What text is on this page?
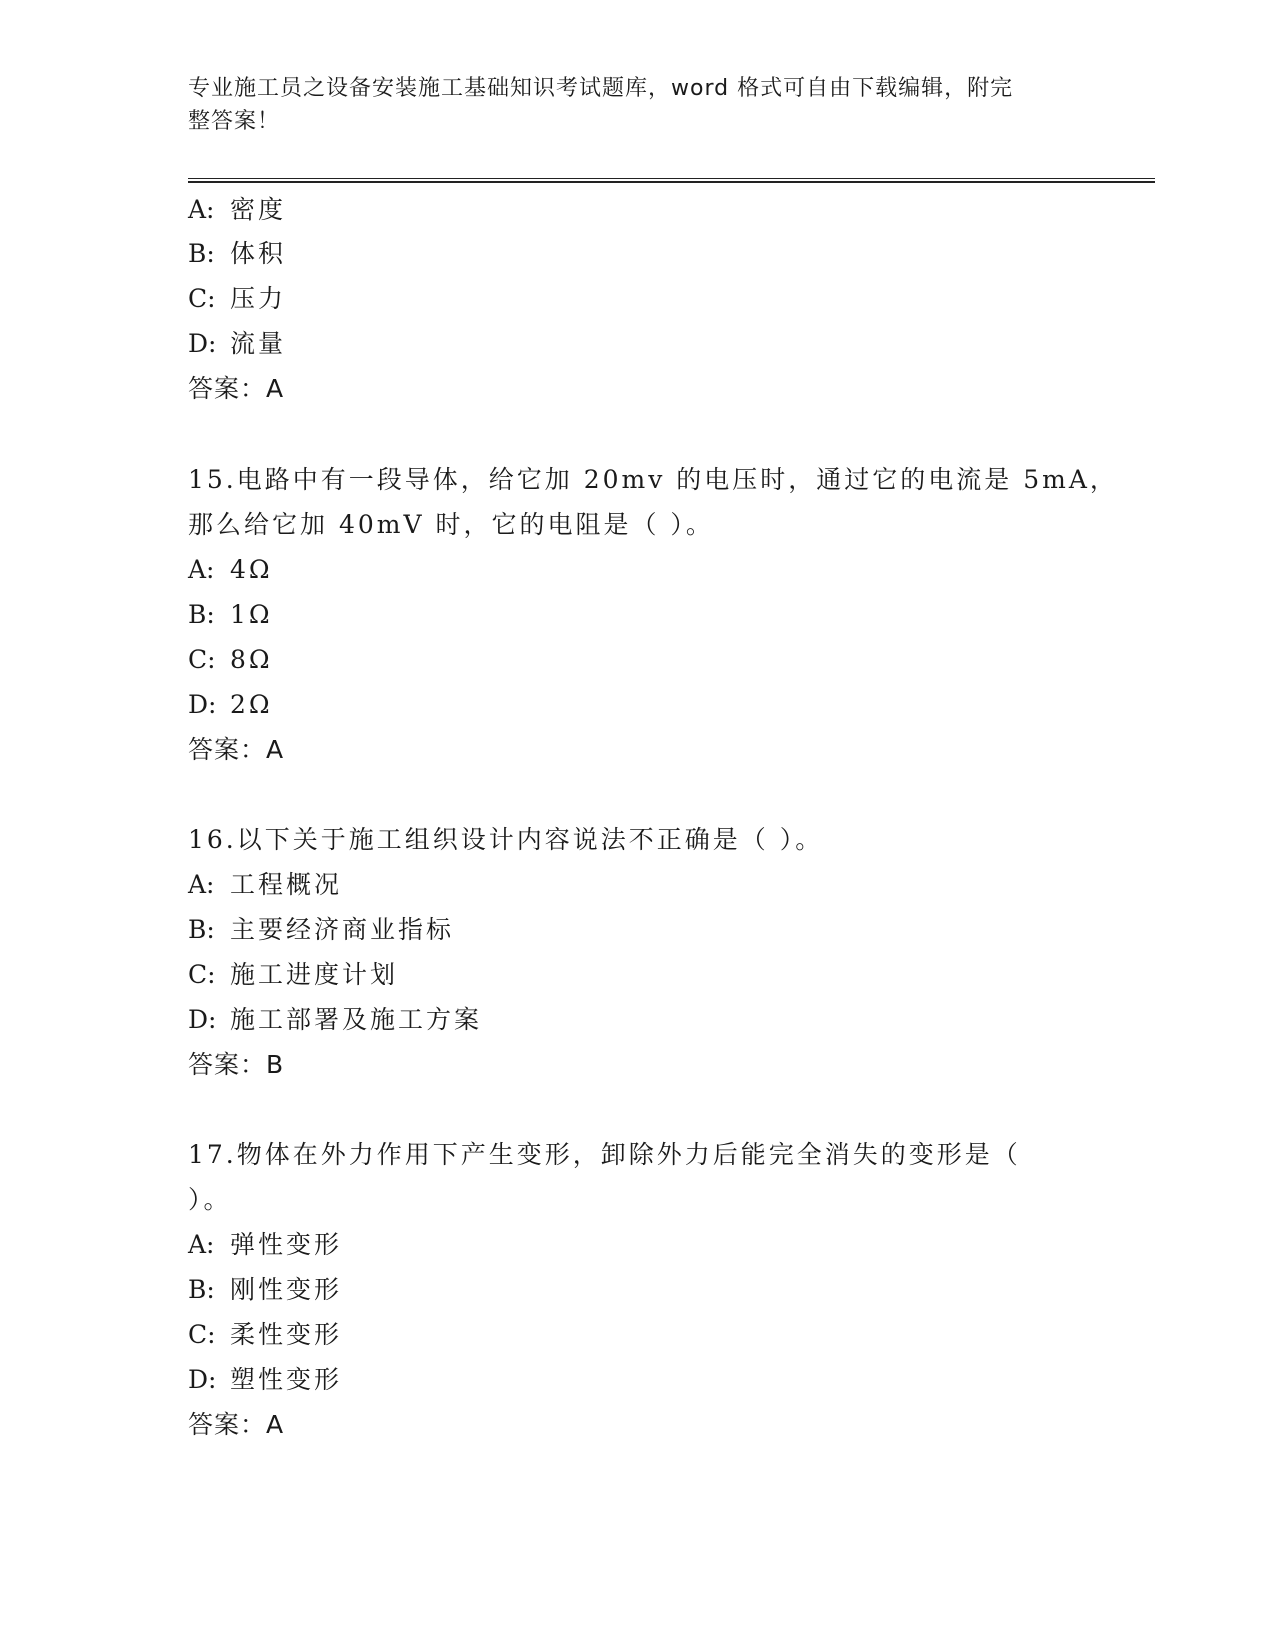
专业施工员之设备安装施工基础知识考试题库，word 格式可自由下载编辑，附完
整答案！
A: 密度
B: 体积
C: 压力
D: 流量
答案：A
15.电路中有一段导体，给它加 20mv 的电压时，通过它的电流是 5mA，
那么给它加 40mV 时，它的电阻是（ ）。
A: 4Ω
B: 1Ω
C: 8Ω
D: 2Ω
答案：A
16.以下关于施工组织设计内容说法不正确是（ ）。
A: 工程概况
B: 主要经济商业指标
C: 施工进度计划
D: 施工部署及施工方案
答案：B
17.物体在外力作用下产生变形，卸除外力后能完全消失的变形是（
）。
A: 弹性变形
B: 刚性变形
C: 柔性变形
D: 塑性变形
答案：A
